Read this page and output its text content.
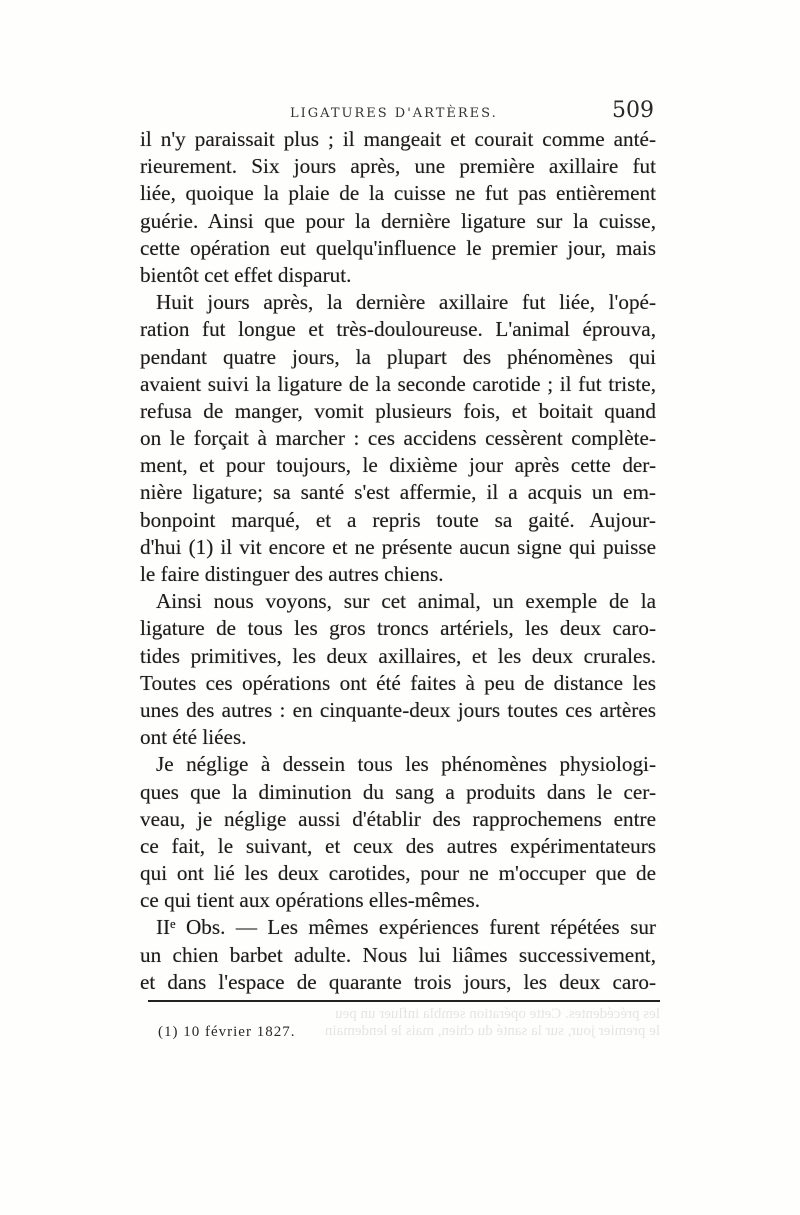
LIGATURES D'ARTÈRES.	509
il n'y paraissait plus ; il mangeait et courait comme anté-
rieurement. Six jours après, une première axillaire fut
liée, quoique la plaie de la cuisse ne fut pas entièrement
guérie. Ainsi que pour la dernière ligature sur la cuisse,
cette opération eut quelqu'influence le premier jour, mais
bientôt cet effet disparut.
Huit jours après, la dernière axillaire fut liée, l'opé-
ration fut longue et très-douloureuse. L'animal éprouva,
pendant quatre jours, la plupart des phénomènes qui
avaient suivi la ligature de la seconde carotide ; il fut triste,
refusa de manger, vomit plusieurs fois, et boitait quand
on le forçait à marcher : ces accidens cessèrent complète-
ment, et pour toujours, le dixième jour après cette der-
nière ligature; sa santé s'est affermie, il a acquis un em-
bonpoint marqué, et a repris toute sa gaité. Aujour-
d'hui (1) il vit encore et ne présente aucun signe qui puisse
le faire distinguer des autres chiens.
Ainsi nous voyons, sur cet animal, un exemple de la
ligature de tous les gros troncs artériels, les deux caro-
tides primitives, les deux axillaires, et les deux crurales.
Toutes ces opérations ont été faites à peu de distance les
unes des autres : en cinquante-deux jours toutes ces artères
ont été liées.
Je néglige à dessein tous les phénomènes physiologi-
ques que la diminution du sang a produits dans le cer-
veau, je néglige aussi d'établir des rapprochemens entre
ce fait, le suivant, et ceux des autres expérimentateurs
qui ont lié les deux carotides, pour ne m'occuper que de
ce qui tient aux opérations elles-mêmes.
IIᵉ Obs. — Les mêmes expériences furent répétées sur
un chien barbet adulte. Nous lui liâmes successivement,
et dans l'espace de quarante trois jours, les deux caro-
les précédentes. Cette opération sembla influer un peu
le premier jour, sur la santé du chien, mais le lendemain
(1) 10 février 1827.
